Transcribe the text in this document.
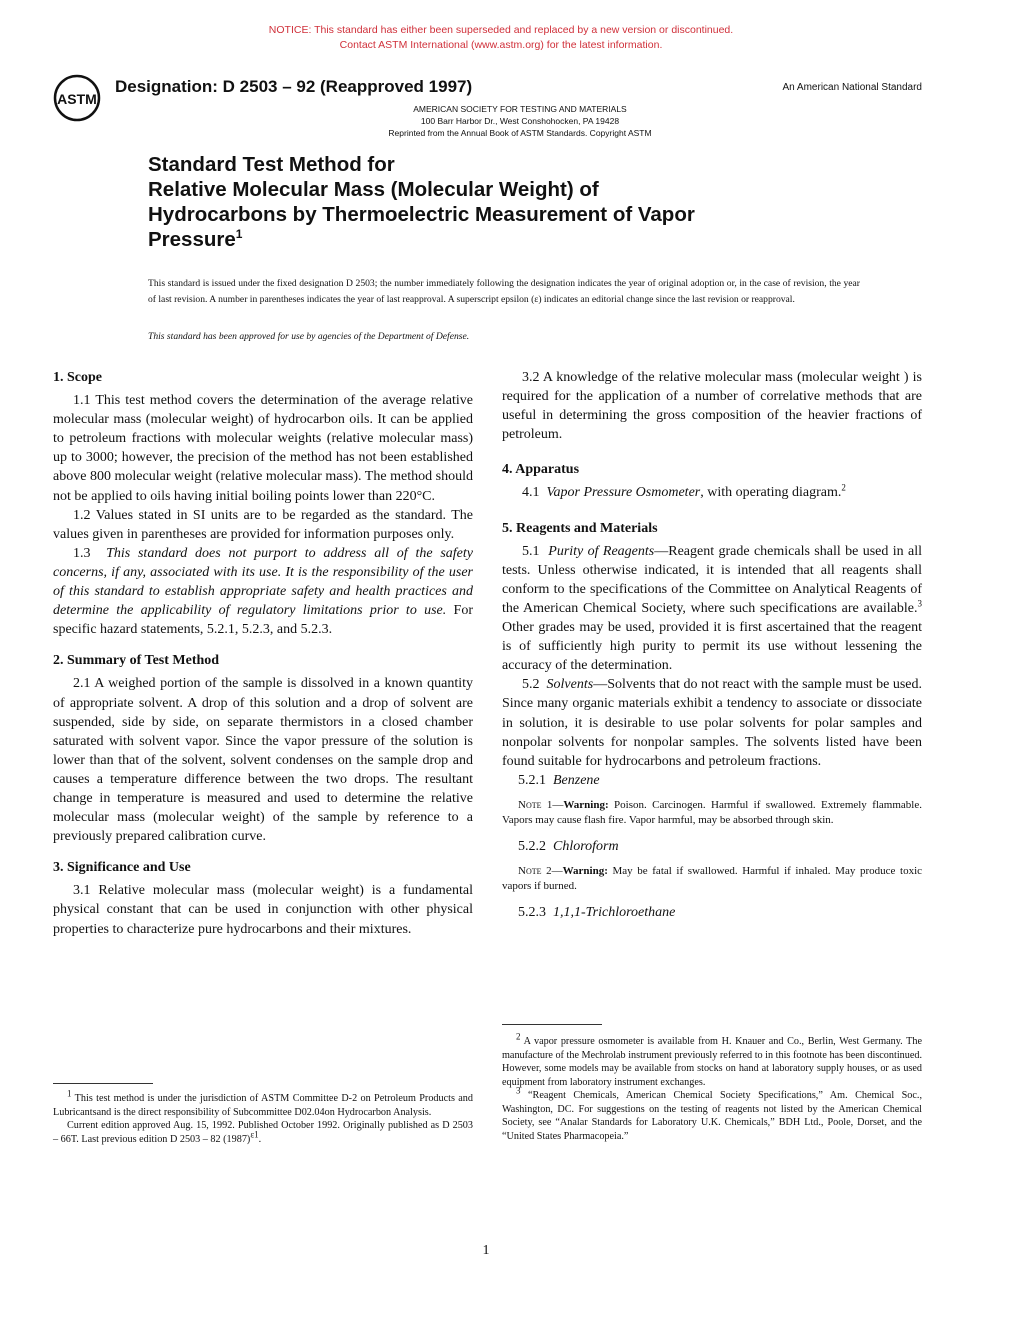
NOTICE: This standard has either been superseded and replaced by a new version or discontinued.
Contact ASTM International (www.astm.org) for the latest information.
ASTM
Designation: D 2503 – 92 (Reapproved 1997)	An American National Standard
AMERICAN SOCIETY FOR TESTING AND MATERIALS
100 Barr Harbor Dr., West Conshohocken, PA 19428
Reprinted from the Annual Book of ASTM Standards. Copyright ASTM
Standard Test Method for
Relative Molecular Mass (Molecular Weight) of
Hydrocarbons by Thermoelectric Measurement of Vapor
Pressure$^1$
This standard is issued under the fixed designation D 2503; the number immediately following the designation indicates the year of original adoption or, in the case of revision, the year of last revision. A number in parentheses indicates the year of last reapproval. A superscript epsilon (ε) indicates an editorial change since the last revision or reapproval.
This standard has been approved for use by agencies of the Department of Defense.

1. Scope

1.1 This test method covers the determination of the average relative molecular mass (molecular weight) of hydrocarbon oils. It can be applied to petroleum fractions with molecular weights (relative molecular mass) up to 3000; however, the precision of the method has not been established above 800 molecular weight (relative molecular mass). The method should not be applied to oils having initial boiling points lower than 220°C.

1.2 Values stated in SI units are to be regarded as the standard. The values given in parentheses are provided for information purposes only.

1.3 This standard does not purport to address all of the safety concerns, if any, associated with its use. It is the responsibility of the user of this standard to establish appropriate safety and health practices and determine the applicability of regulatory limitations prior to use. For specific hazard statements, 5.2.1, 5.2.3, and 5.2.3.

2. Summary of Test Method

2.1 A weighed portion of the sample is dissolved in a known quantity of appropriate solvent. A drop of this solution and a drop of solvent are suspended, side by side, on separate thermistors in a closed chamber saturated with solvent vapor. Since the vapor pressure of the solution is lower than that of the solvent, solvent condenses on the sample drop and causes a temperature difference between the two drops. The resultant change in temperature is measured and used to determine the relative molecular mass (molecular weight) of the sample by reference to a previously prepared calibration curve.

3. Significance and Use

3.1 Relative molecular mass (molecular weight) is a fundamental physical constant that can be used in conjunction with other physical properties to characterize pure hydrocarbons and their mixtures.

$^1$ This test method is under the jurisdiction of ASTM Committee D-2 on Petroleum Products and Lubricantsand is the direct responsibility of Subcommittee D02.04on Hydrocarbon Analysis.

Current edition approved Aug. 15, 1992. Published October 1992. Originally published as D 2503 – 66T. Last previous edition D 2503 – 82 $(1987)^{\varepsilon 1}$.

3.2 A knowledge of the relative molecular mass (molecular weight ) is required for the application of a number of correlative methods that are useful in determining the gross composition of the heavier fractions of petroleum.

4. Apparatus

4.1 Vapor Pressure Osmometer, with operating diagram.$^2$

5. Reagents and Materials

5.1 Purity of Reagents—Reagent grade chemicals shall be used in all tests. Unless otherwise indicated, it is intended that all reagents shall conform to the specifications of the Committee on Analytical Reagents of the American Chemical Society, where such specifications are available.$^3$ Other grades may be used, provided it is first ascertained that the reagent is of sufficiently high purity to permit its use without lessening the accuracy of the determination.

5.2 Solvents—Solvents that do not react with the sample must be used. Since many organic materials exhibit a tendency to associate or dissociate in solution, it is desirable to use polar solvents for polar samples and nonpolar solvents for nonpolar samples. The solvents listed have been found suitable for hydrocarbons and petroleum fractions.

5.2.1 Benzene

Note 1—Warning: Poison. Carcinogen. Harmful if swallowed. Extremely flammable. Vapors may cause flash fire. Vapor harmful, may be absorbed through skin.

5.2.2 Chloroform

Note 2—Warning: May be fatal if swallowed. Harmful if inhaled. May produce toxic vapors if burned.

5.2.3 1,1,1-Trichloroethane

$^2$ A vapor pressure osmometer is available from H. Knauer and Co., Berlin, West Germany. The manufacture of the Mechrolab instrument previously referred to in this footnote has been discontinued. However, some models may be available from stocks on hand at laboratory supply houses, or as used equipment from laboratory instrument exchanges.

$^3$ “Reagent Chemicals, American Chemical Society Specifications,” Am. Chemical Soc., Washington, DC. For suggestions on the testing of reagents not listed by the American Chemical Society, see “Analar Standards for Laboratory U.K. Chemicals,” BDH Ltd., Poole, Dorset, and the “United States Pharmacopeia.”

1
